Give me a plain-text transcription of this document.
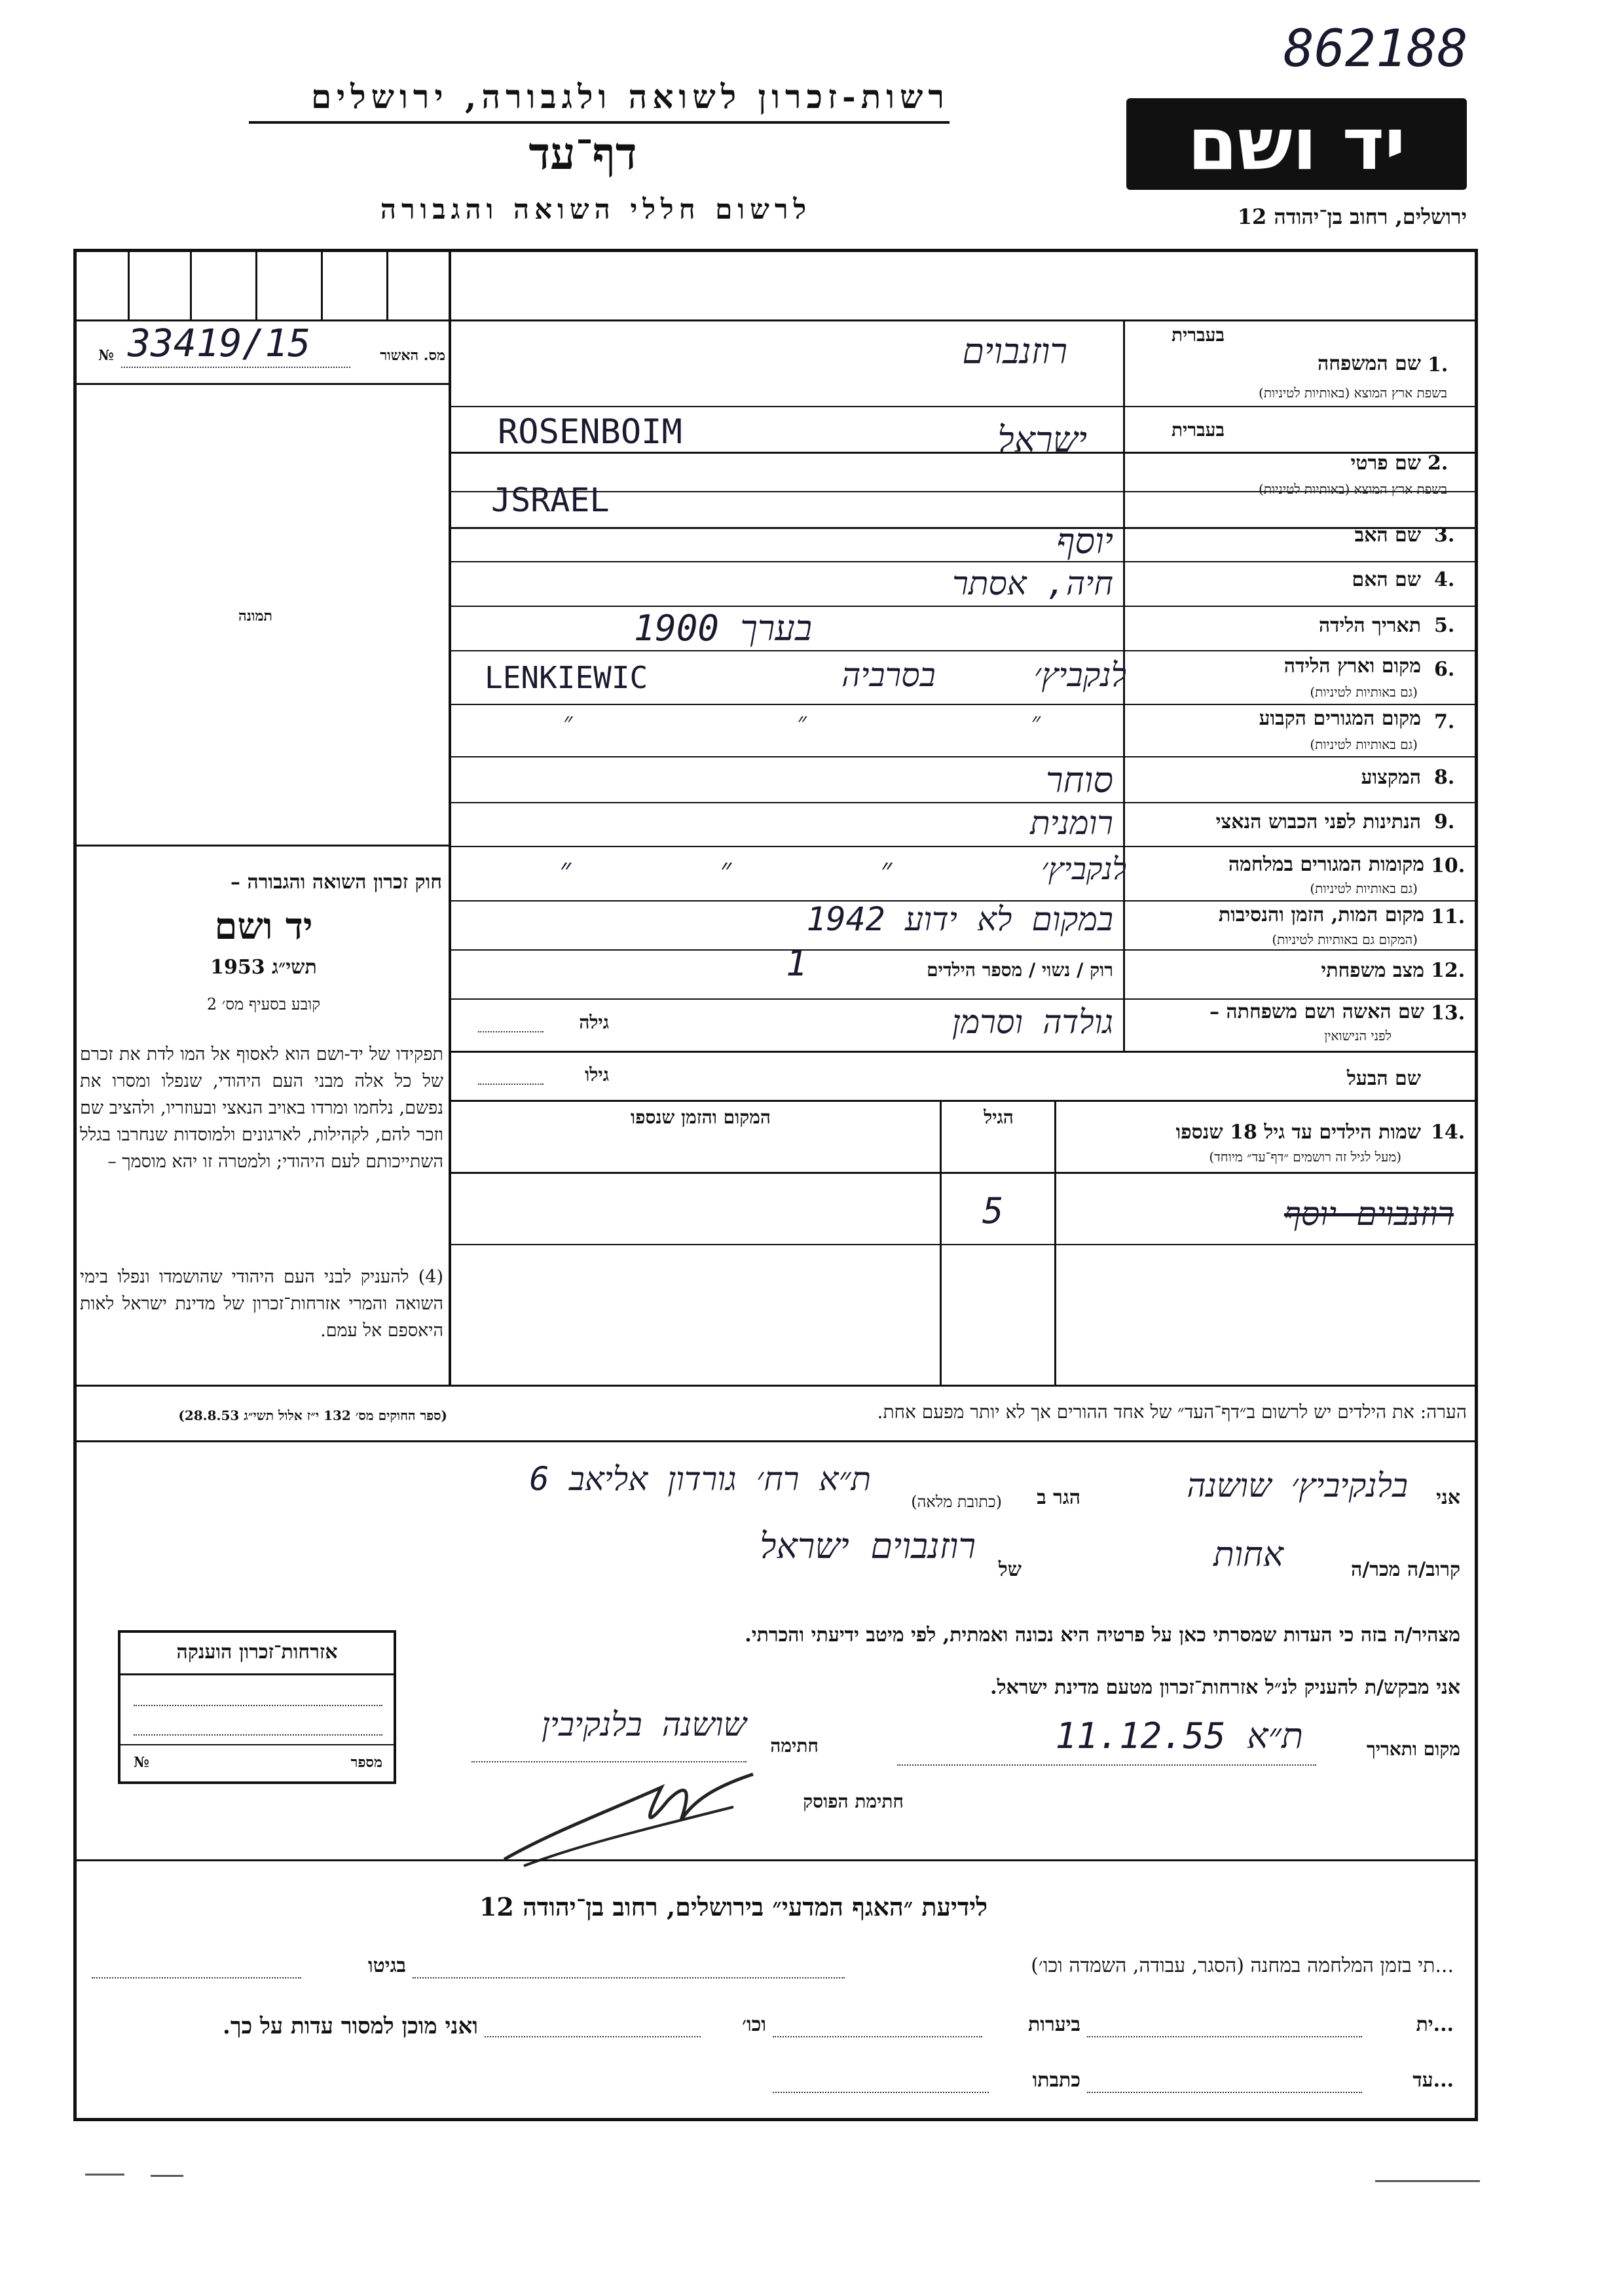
862188
רשות-זכרון לשואה ולגבורה, ירושלים
דף־עד
לרשום חללי השואה והגבורה
יד ושם
ירושלים, רחוב בן־יהודה 12
№ 33419/15	מס. האשור
תמונה
חוק זכרון השואה והגבורה –
יד ושם
תשי״ג 1953
קובע בסעיף מס׳ 2
תפקידו של יד-ושם הוא לאסוף אל המו לדת את זכרם של כל אלה מבני העם היהודי, שנפלו ומסרו את נפשם, נלחמו ומרדו באויב הנאצי ובעוזריו, ולהציב שם וזכר להם, לקהילות, לארגונים ולמוסדות שנחרבו בגלל השתייכותם לעם היהודי; ולמטרה זו יהא מוסמך –
(4) להעניק לבני העם היהודי שהושמדו ונפלו בימי השואה והמרי אזרחות־זכרון של מדינת ישראל לאות היאספם אל עמם.
(ספר החוקים מס׳ 132 י״ז אלול תשי״ג 28.8.53)
בעברית
1.
שם המשפחה
בשפת ארץ המוצא (באותיות לטיניות)
רוזנבוים
ROSENBOIM	בעברית
2.
שם פרטי
בשפת ארץ המוצא (באותיות לטיניות)
ישראל
JSRAEL
3.
שם האב
יוסף
4.
שם האם
חיה, אסתר
5.
תאריך הלידה
בערך 1900
6.
מקום וארץ הלידה
(גם באותיות לטיניות)
לנקביץ׳ בסרביה
LENKIEWIC
7.
מקום המגורים הקבוע
(גם באותיות לטיניות)
״ ״ ״
8.
המקצוע
סוחר
9.
הנתינות לפני הכבוש הנאצי
רומנית
10.
מקומות המגורים במלחמה
(גם באותיות לטיניות)
לנקביץ׳ ״ ״ ״
11.
מקום המות, הזמן והנסיבות
(המקום גם באותיות לטיניות)
במקום לא ידוע 1942
12.
מצב משפחתי
רוק / נשוי / מספר הילדים
1
13.
שם האשה ושם משפחתה –
לפני הנישואין
גולדה וסרמן
גילה
שם הבעל
גילו
14.
שמות הילדים עד גיל 18 שנספו
(מעל לגיל זה רושמים ״דף־עד״ מיוחד)
הגיל
המקום והזמן שנספו
רוזנבוים יוסף
5
הערה: את הילדים יש לרשום ב״דף־העד״ של אחד ההורים אך לא יותר מפעם אחת.
אני
בלנקיביץ׳ שושנה
הגר ב
(כתובת מלאה)
ת״א רח׳ גורדון אליאב 6
קרוב/ה מכר/ה
אחות
של
רוזנבוים ישראל
מצהיר/ה בזה כי העדות שמסרתי כאן על פרטיה היא נכונה ואמתית, לפי מיטב ידיעתי והכרתי.
אני מבקש/ת להעניק לנ״ל אזרחות־זכרון מטעם מדינת ישראל.
מקום ותאריך
ת״א 11.12.55
חתימה
שושנה בלנקיבין
חתימת הפוסק
אזרחות־זכרון הוענקה
№	מספר
לידיעת ״האגף המדעי״ בירושלים, רחוב בן־יהודה 12
...תי בזמן המלחמה במחנה (הסגר, עבודה, השמדה וכו׳)
בגיטו
...ית
ביערות
וכו׳
ואני מוכן למסור עדות על כך.
...עד
כתבתו
